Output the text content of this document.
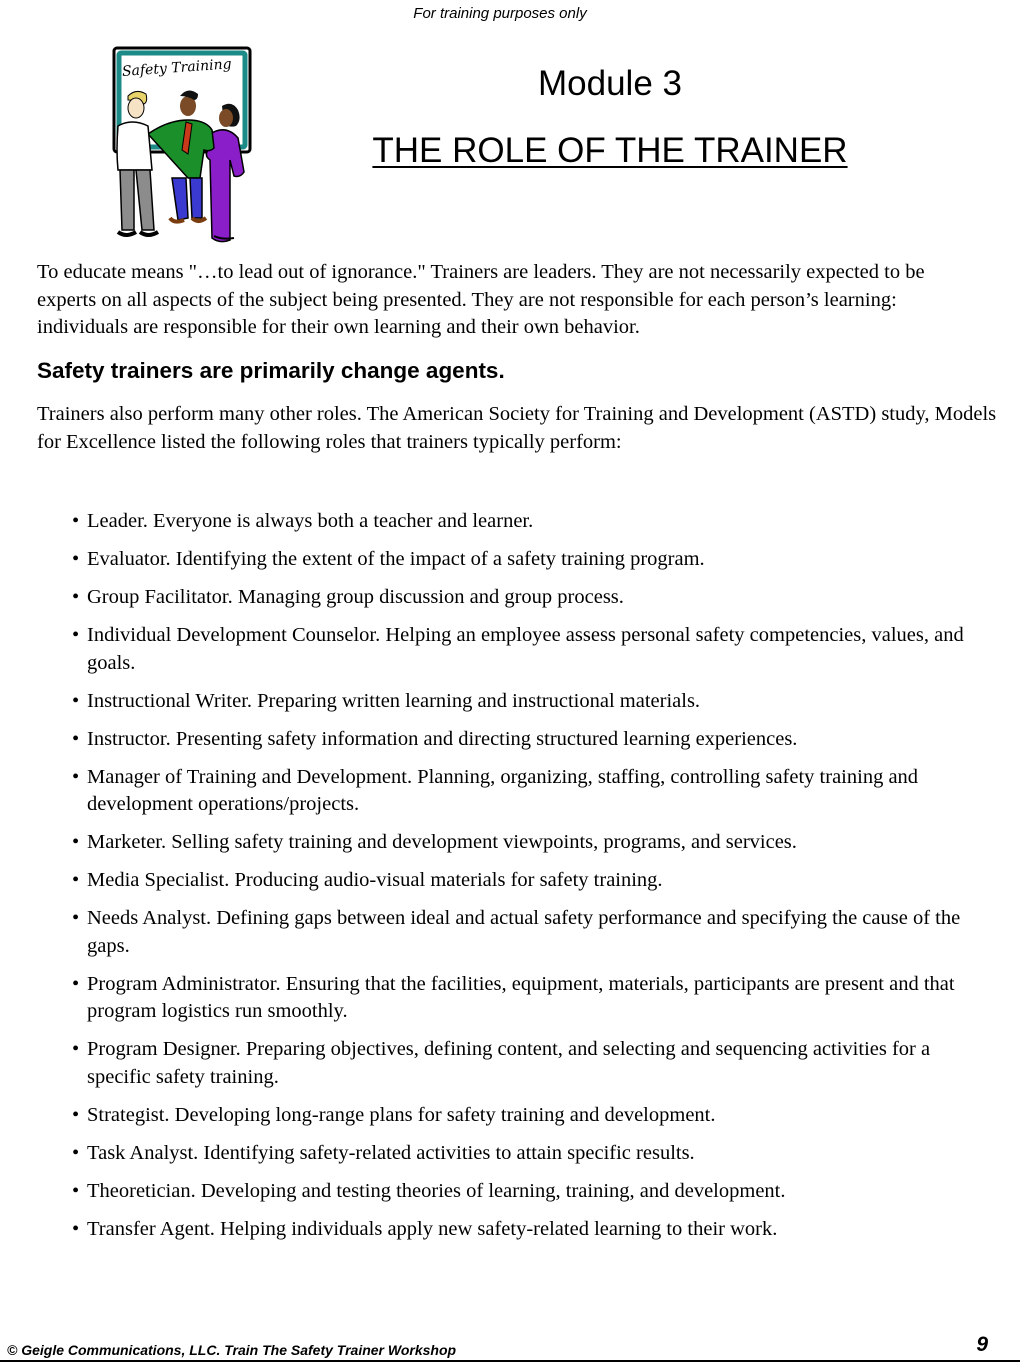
For training purposes only
Safety Training	Module 3
THE ROLE OF THE TRAINER

To educate means "…to lead out of ignorance." Trainers are leaders. They are not necessarily expected to be experts on all aspects of the subject being presented. They are not responsible for each person’s learning: individuals are responsible for their own learning and their own behavior.

Safety trainers are primarily change agents.

Trainers also perform many other roles. The American Society for Training and Development (ASTD) study, Models for Excellence listed the following roles that trainers typically perform:

• Leader. Everyone is always both a teacher and learner.
• Evaluator. Identifying the extent of the impact of a safety training program.
• Group Facilitator. Managing group discussion and group process.
• Individual Development Counselor. Helping an employee assess personal safety competencies, values, and goals.
• Instructional Writer. Preparing written learning and instructional materials.
• Instructor. Presenting safety information and directing structured learning experiences.
• Manager of Training and Development. Planning, organizing, staffing, controlling safety training and development operations/projects.
• Marketer. Selling safety training and development viewpoints, programs, and services.
• Media Specialist. Producing audio-visual materials for safety training.
• Needs Analyst. Defining gaps between ideal and actual safety performance and specifying the cause of the gaps.
• Program Administrator. Ensuring that the facilities, equipment, materials, participants are present and that program logistics run smoothly.
• Program Designer. Preparing objectives, defining content, and selecting and sequencing activities for a specific safety training.
• Strategist. Developing long-range plans for safety training and development.
• Task Analyst. Identifying safety-related activities to attain specific results.
• Theoretician. Developing and testing theories of learning, training, and development.
• Transfer Agent. Helping individuals apply new safety-related learning to their work.
© Geigle Communications, LLC. Train The Safety Trainer Workshop	9
